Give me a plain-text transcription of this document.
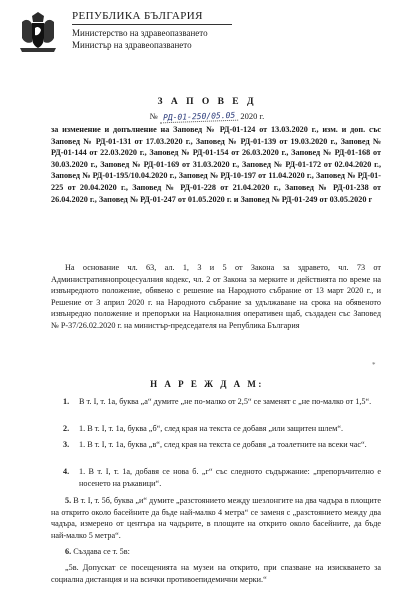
РЕПУБЛИКА БЪЛГАРИЯ
Министерство на здравеопазването
Министър на здравеопазването
З А П О В Е Д
№ РД-01-250/05.05 2020 г.
за изменение и допълнение на Заповед № РД-01-124 от 13.03.2020 г., изм. и доп. със Заповед № РД-01-131 от 17.03.2020 г., Заповед № РД-01-139 от 19.03.2020 г., Заповед № РД-01-144 от 22.03.2020 г., Заповед № РД-01-154 от 26.03.2020 г., Заповед № РД-01-168 от 30.03.2020 г., Заповед № РД-01-169 от 31.03.2020 г., Заповед № РД-01-172 от 02.04.2020 г., Заповед № РД-01-195/10.04.2020 г., Заповед № РД-10-197 от 11.04.2020 г., Заповед № РД-01-225 от 20.04.2020 г., Заповед № РД-01-228 от 21.04.2020 г., Заповед № РД-01-238 от 26.04.2020 г., Заповед № РД-01-247 от 01.05.2020 г. и Заповед № РД-01-249 от 03.05.2020 г
На основание чл. 63, ал. 1, 3 и 5 от Закона за здравето, чл. 73 от Административнопроцесуалния кодекс, чл. 2 от Закона за мерките и действията по време на извънредното положение, обявено с решение на Народното събрание от 13 март 2020 г., и Решение от 3 април 2020 г. на Народното събрание за удължаване на срока на обявеното извънредно положение и препоръки на Националния оперативен щаб, създаден със Заповед № Р-37/26.02.2020 г. на министър-председателя на Република България
*
Н А Р Е Ж Д А М:
1. В т. I, т. 1а, буква „а“ думите „не по-малко от 2,5“ се заменят с „не по-малко от 1,5“.
2. 1. В т. I, т. 1а, буква „б“, след края на текста се добавя „или защитен шлем“.
3. 1. В т. I, т. 1а, буква „в“, след края на текста се добавя „а тоалетните на всеки час“.
4. 1. В т. I, т. 1а, добавя се нова б. „г“ със следното съдържание: „препоръчително е носенето на ръкавици“.
5. В т. I, т. 5б, буква „и“ думите „разстоянието между шезлонгите на два чадъра в площите на открито около басейните да бъде най-малко 4 метра“ се заменя с „разстоянието между два чадъра, измерено от центъра на чадърите, в площите на открито около басейните, да бъде най-малко 5 метра“.
6. Създава се т. 5в:
„5в. Допускат се посещенията на музеи на открито, при спазване на изискването за социална дистанция и на всички противоепидемични мерки.“
